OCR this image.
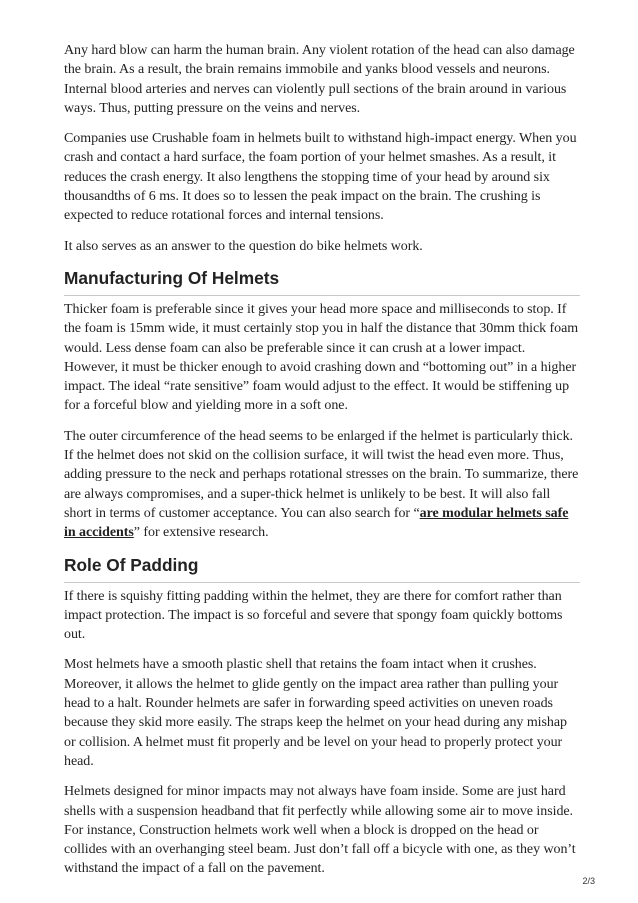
Any hard blow can harm the human brain. Any violent rotation of the head can also damage the brain. As a result, the brain remains immobile and yanks blood vessels and neurons. Internal blood arteries and nerves can violently pull sections of the brain around in various ways. Thus, putting pressure on the veins and nerves.

Companies use Crushable foam in helmets built to withstand high-impact energy. When you crash and contact a hard surface, the foam portion of your helmet smashes. As a result, it reduces the crash energy. It also lengthens the stopping time of your head by around six thousandths of 6 ms. It does so to lessen the peak impact on the brain. The crushing is expected to reduce rotational forces and internal tensions.

It also serves as an answer to the question do bike helmets work.

Manufacturing Of Helmets

Thicker foam is preferable since it gives your head more space and milliseconds to stop. If the foam is 15mm wide, it must certainly stop you in half the distance that 30mm thick foam would. Less dense foam can also be preferable since it can crush at a lower impact. However, it must be thicker enough to avoid crashing down and “bottoming out” in a higher impact. The ideal “rate sensitive” foam would adjust to the effect. It would be stiffening up for a forceful blow and yielding more in a soft one.

The outer circumference of the head seems to be enlarged if the helmet is particularly thick. If the helmet does not skid on the collision surface, it will twist the head even more. Thus, adding pressure to the neck and perhaps rotational stresses on the brain. To summarize, there are always compromises, and a super-thick helmet is unlikely to be best. It will also fall short in terms of customer acceptance. You can also search for “are modular helmets safe in accidents” for extensive research.

Role Of Padding

If there is squishy fitting padding within the helmet, they are there for comfort rather than impact protection. The impact is so forceful and severe that spongy foam quickly bottoms out.

Most helmets have a smooth plastic shell that retains the foam intact when it crushes. Moreover, it allows the helmet to glide gently on the impact area rather than pulling your head to a halt. Rounder helmets are safer in forwarding speed activities on uneven roads because they skid more easily. The straps keep the helmet on your head during any mishap or collision. A helmet must fit properly and be level on your head to properly protect your head.

Helmets designed for minor impacts may not always have foam inside. Some are just hard shells with a suspension headband that fit perfectly while allowing some air to move inside. For instance, Construction helmets work well when a block is dropped on the head or collides with an overhanging steel beam. Just don’t fall off a bicycle with one, as they won’t withstand the impact of a fall on the pavement.

2/3
